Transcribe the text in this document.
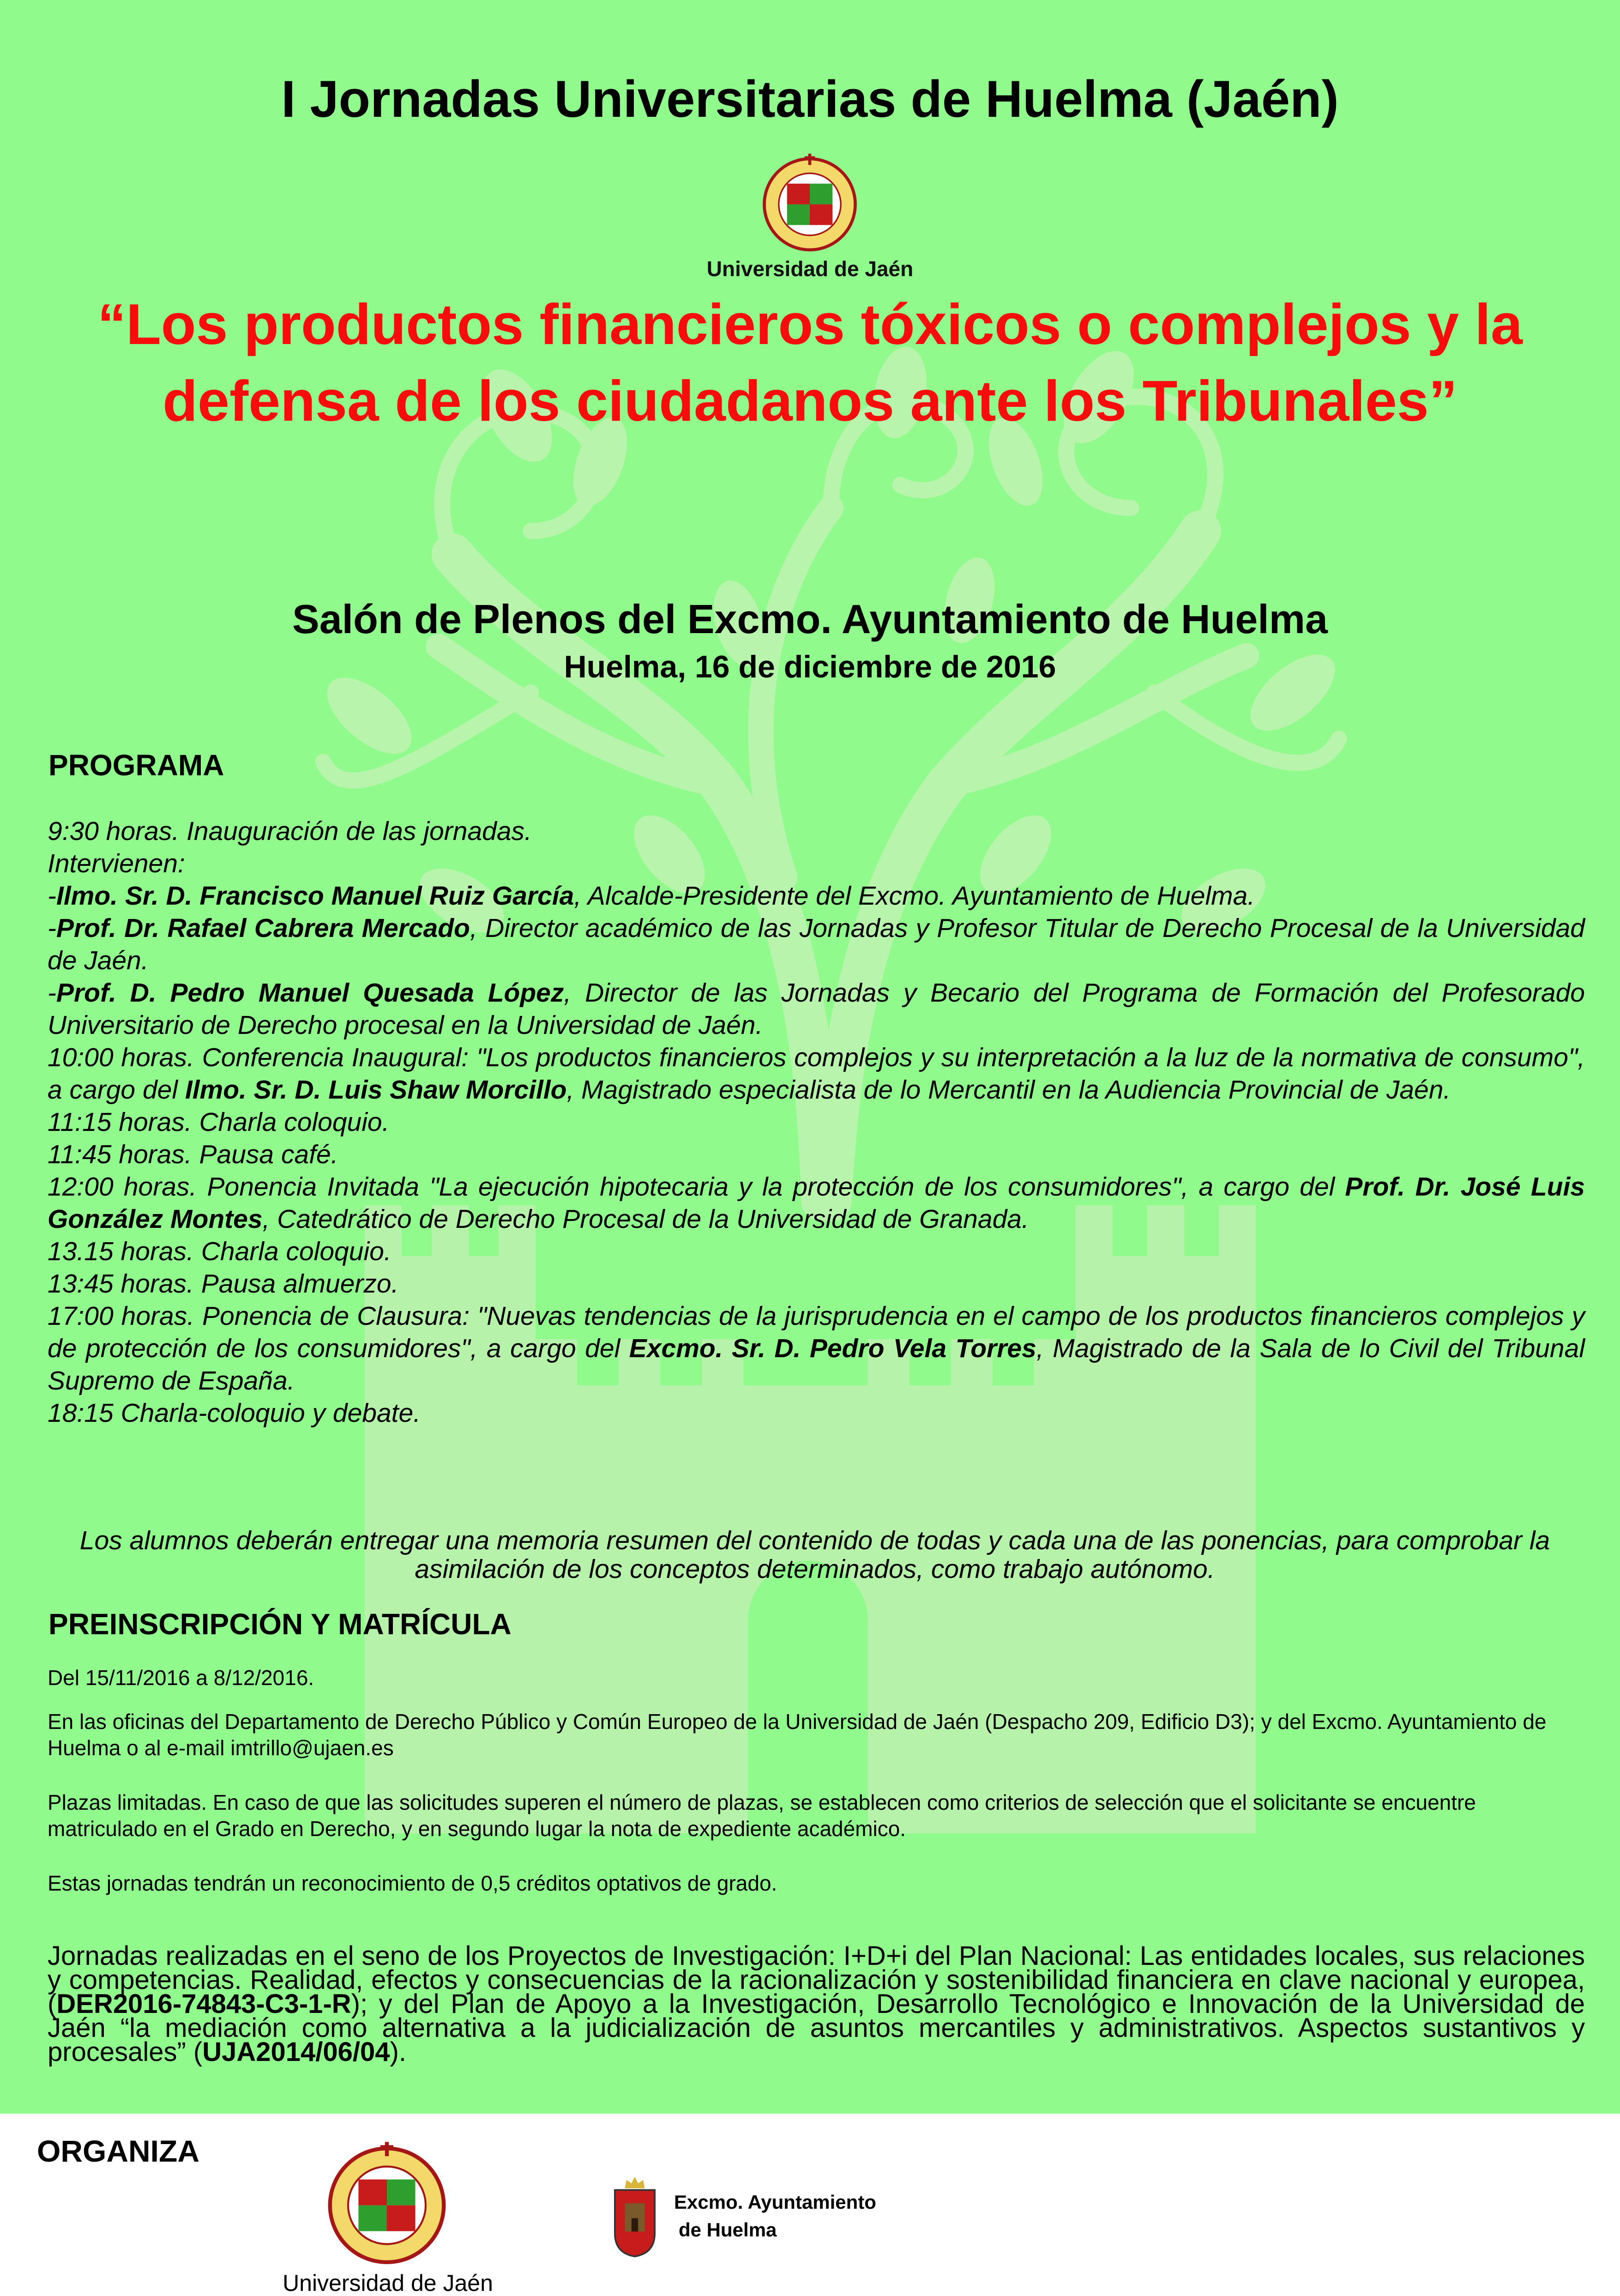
I Jornadas Universitarias de Huelma (Jaén)
Universidad de Jaén
“Los productos financieros tóxicos o complejos y la defensa de los ciudadanos ante los Tribunales”
Salón de Plenos del Excmo. Ayuntamiento de Huelma
Huelma, 16 de diciembre de 2016
PROGRAMA

9:30 horas. Inauguración de las jornadas.

Intervienen:

-Ilmo. Sr. D. Francisco Manuel Ruiz García, Alcalde-Presidente del Excmo. Ayuntamiento de Huelma.

-Prof. Dr. Rafael Cabrera Mercado, Director académico de las Jornadas y Profesor Titular de Derecho Procesal de la Universidad de Jaén.

-Prof. D. Pedro Manuel Quesada López, Director de las Jornadas y Becario del Programa de Formación del Profesorado Universitario de Derecho procesal en la Universidad de Jaén.

10:00 horas. Conferencia Inaugural: "Los productos financieros complejos y su interpretación a la luz de la normativa de consumo", a cargo del Ilmo. Sr. D. Luis Shaw Morcillo, Magistrado especialista de lo Mercantil en la Audiencia Provincial de Jaén.

11:15 horas. Charla coloquio.

11:45 horas. Pausa café.

12:00 horas. Ponencia Invitada "La ejecución hipotecaria y la protección de los consumidores", a cargo del Prof. Dr. José Luis González Montes, Catedrático de Derecho Procesal de la Universidad de Granada.

13.15 horas. Charla coloquio.

13:45 horas. Pausa almuerzo.

17:00 horas. Ponencia de Clausura: "Nuevas tendencias de la jurisprudencia en el campo de los productos financieros complejos y de protección de los consumidores", a cargo del Excmo. Sr. D. Pedro Vela Torres, Magistrado de la Sala de lo Civil del Tribunal Supremo de España.

18:15 Charla-coloquio y debate.

Los alumnos deberán entregar una memoria resumen del contenido de todas y cada una de las ponencias, para comprobar la asimilación de los conceptos determinados, como trabajo autónomo.
PREINSCRIPCIÓN Y MATRÍCULA
Del 15/11/2016 a 8/12/2016.
En las oficinas del Departamento de Derecho Público y Común Europeo de la Universidad de Jaén (Despacho 209, Edificio D3); y del Excmo. Ayuntamiento de Huelma o al e-mail imtrillo@ujaen.es
Plazas limitadas. En caso de que las solicitudes superen el número de plazas, se establecen como criterios de selección que el solicitante se encuentre matriculado en el Grado en Derecho, y en segundo lugar la nota de expediente académico.
Estas jornadas tendrán un reconocimiento de 0,5 créditos optativos de grado.
Jornadas realizadas en el seno de los Proyectos de Investigación: I+D+i del Plan Nacional: Las entidades locales, sus relaciones y competencias. Realidad, efectos y consecuencias de la racionalización y sostenibilidad financiera en clave nacional y europea, (DER2016-74843-C3-1-R); y del Plan de Apoyo a la Investigación, Desarrollo Tecnológico e Innovación de la Universidad de Jaén “la mediación como alternativa a la judicialización de asuntos mercantiles y administrativos. Aspectos sustantivos y procesales” (UJA2014/06/04).
ORGANIZA
Universidad de Jaén
Excmo. Ayuntamiento
de Huelma
